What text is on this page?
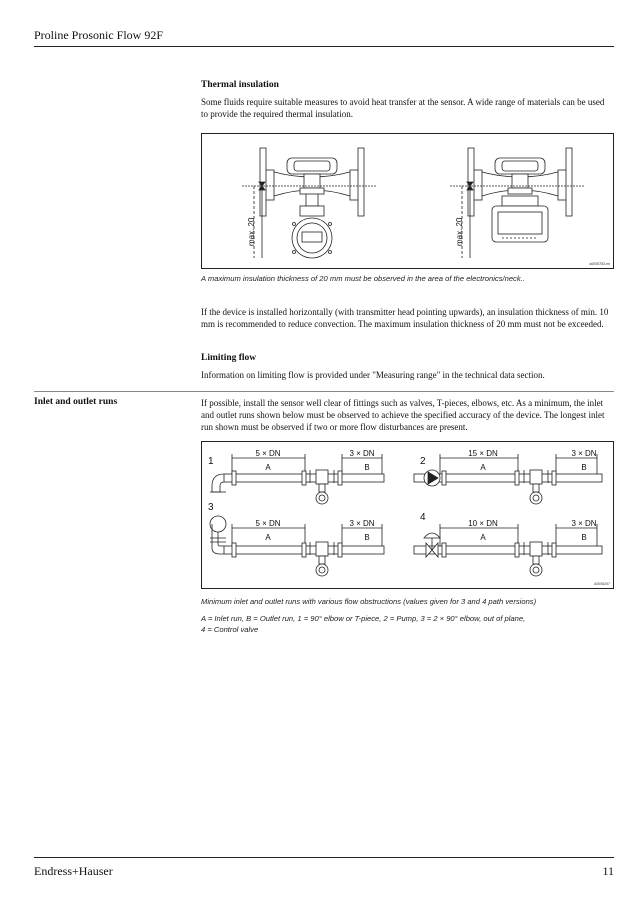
Proline Prosonic Flow 92F
Thermal insulation
Some fluids require suitable measures to avoid heat transfer at the sensor. A wide range of materials can be used to provide the required thermal insulation.
max. 20	max. 20
a0005753-en
A maximum insulation thickness of 20 mm must be observed in the area of the electronics/neck..
If the device is installed horizontally (with transmitter head pointing upwards), an insulation thickness of min. 10 mm is recommended to reduce convection. The maximum insulation thickness of 20 mm must not be exceeded.
Limiting flow
Information on limiting flow is provided under "Measuring range" in the technical data section.
Inlet and outlet runs	If possible, install the sensor well clear of fittings such as valves, T-pieces, elbows, etc. As a minimum, the inlet and outlet runs shown below must be observed to achieve the specified accuracy of the device. The longest inlet run shown must be observed if two or more flow disturbances are present.
1
5 × DN	3 × DN
A	B
2
15 × DN	3 × DN
A	B
3
5 × DN	3 × DN
A	B
4
10 × DN	3 × DN
A	B
A0006207
Minimum inlet and outlet runs with various flow obstructions (values given for 3 and 4 path versions)
A = Inlet run, B = Outlet run, 1 = 90° elbow or T-piece, 2 = Pump, 3 = 2 × 90° elbow, out of plane, 4 = Control valve
Endress+Hauser	11
